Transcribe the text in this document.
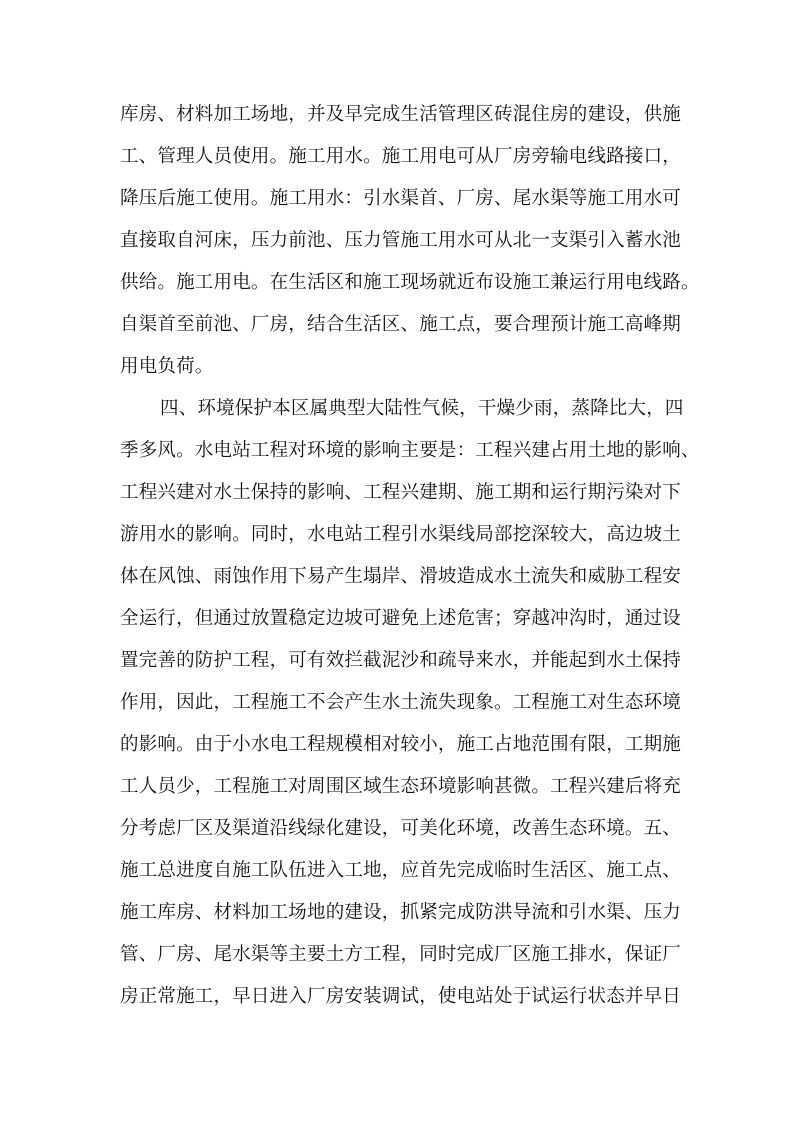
库房、材料加工场地，并及早完成生活管理区砖混住房的建设，供施
工、管理人员使用。施工用水。施工用电可从厂房旁输电线路接口，
降压后施工使用。施工用水：引水渠首、厂房、尾水渠等施工用水可
直接取自河床，压力前池、压力管施工用水可从北一支渠引入蓄水池
供给。施工用电。在生活区和施工现场就近布设施工兼运行用电线路。
自渠首至前池、厂房，结合生活区、施工点，要合理预计施工高峰期
用电负荷。
四、环境保护本区属典型大陆性气候，干燥少雨，蒸降比大，四
季多风。水电站工程对环境的影响主要是：工程兴建占用土地的影响、
工程兴建对水土保持的影响、工程兴建期、施工期和运行期污染对下
游用水的影响。同时，水电站工程引水渠线局部挖深较大，高边坡土
体在风蚀、雨蚀作用下易产生塌岸、滑坡造成水土流失和威胁工程安
全运行，但通过放置稳定边坡可避免上述危害；穿越冲沟时，通过设
置完善的防护工程，可有效拦截泥沙和疏导来水，并能起到水土保持
作用，因此，工程施工不会产生水土流失现象。工程施工对生态环境
的影响。由于小水电工程规模相对较小，施工占地范围有限，工期施
工人员少，工程施工对周围区域生态环境影响甚微。工程兴建后将充
分考虑厂区及渠道沿线绿化建设，可美化环境，改善生态环境。五、
施工总进度自施工队伍进入工地，应首先完成临时生活区、施工点、
施工库房、材料加工场地的建设，抓紧完成防洪导流和引水渠、压力
管、厂房、尾水渠等主要土方工程，同时完成厂区施工排水，保证厂
房正常施工，早日进入厂房安装调试，使电站处于试运行状态并早日
